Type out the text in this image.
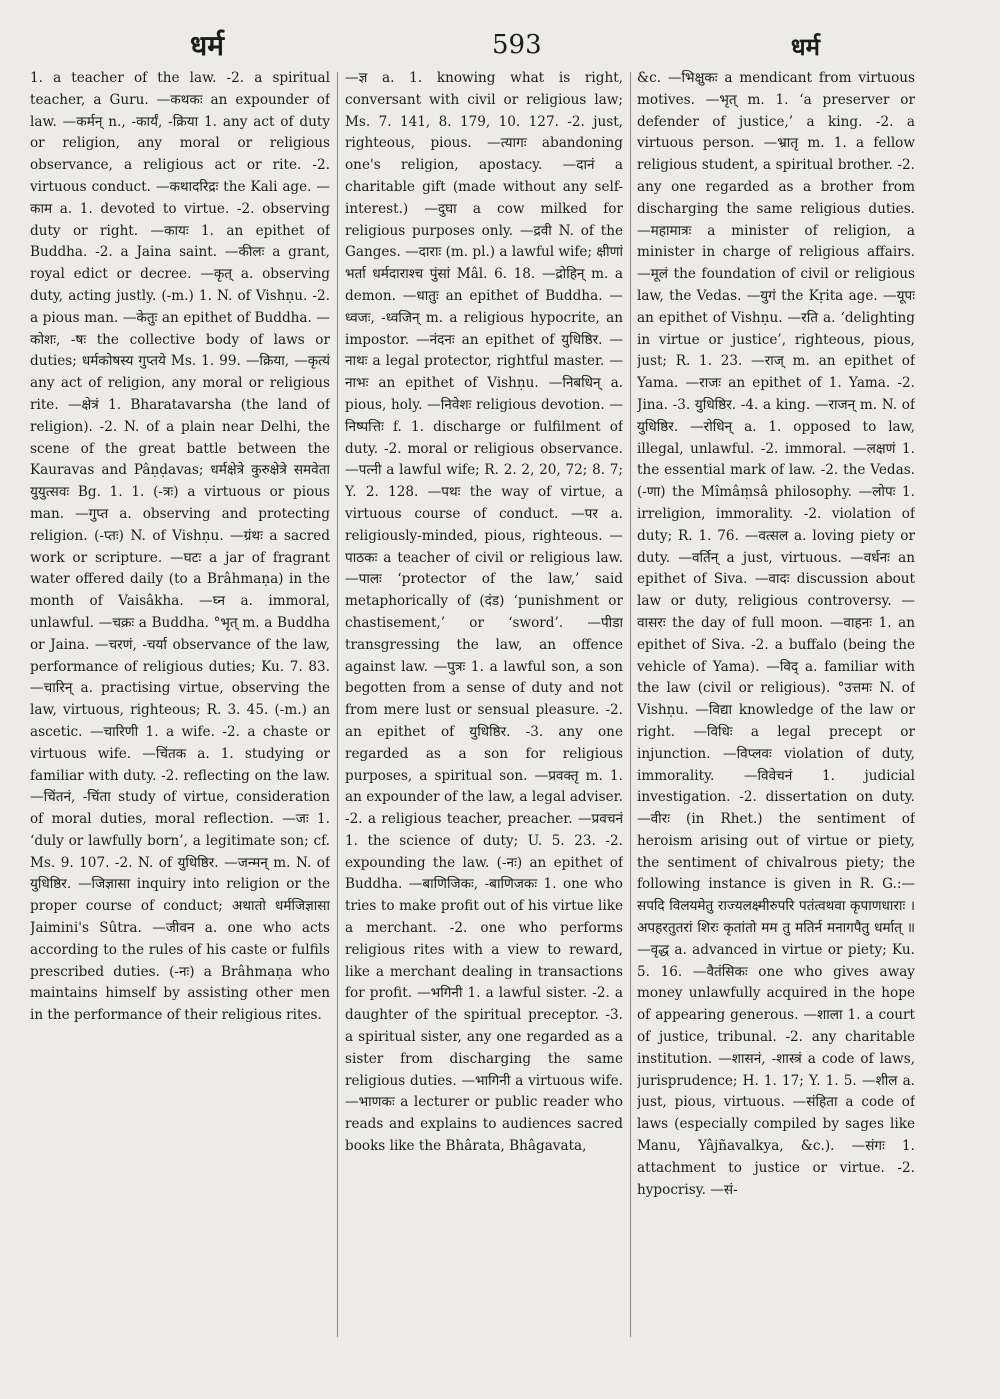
धर्म	593	धर्म
1. a teacher of the law. -2. a spiritual teacher, a Guru. —कथकः an expounder of law. —कर्मन् n., -कार्यं, -क्रिया 1. any act of duty or religion, any moral or religious observance, a religious act or rite. -2. virtuous conduct. —कथादरिद्रः the Kali age. —काम a. 1. devoted to virtue. -2. observing duty or right. —कायः 1. an epithet of Buddha. -2. a Jaina saint. —कीलः a grant, royal edict or decree. —कृत् a. observing duty, acting justly. (-m.) 1. N. of Vishṇu. -2. a pious man. —केतुः an epithet of Buddha. —कोशः, -षः the collective body of laws or duties; धर्मकोषस्य गुप्तये Ms. 1. 99. —क्रिया, —कृत्यं any act of religion, any moral or religious rite. —क्षेत्रं 1. Bharatavarsha (the land of religion). -2. N. of a plain near Delhi, the scene of the great battle between the Kauravas and Pâṇḍavas; धर्मक्षेत्रे कुरुक्षेत्रे समवेता युयुत्सवः Bg. 1. 1. (-त्रः) a virtuous or pious man. —गुप्त a. observing and protecting religion. (-प्तः) N. of Vishṇu. —ग्रंथः a sacred work or scripture. —घटः a jar of fragrant water offered daily (to a Brâhmaṇa) in the month of Vaisâkha. —घ्न a. immoral, unlawful. —चक्रः a Buddha. °भृत् m. a Buddha or Jaina. —चरणं, -चर्या observance of the law, performance of religious duties; Ku. 7. 83. —चारिन् a. practising virtue, observing the law, virtuous, righteous; R. 3. 45. (-m.) an ascetic. —चारिणी 1. a wife. -2. a chaste or virtuous wife. —चिंतक a. 1. studying or familiar with duty. -2. reflecting on the law. —चिंतनं, -चिंता study of virtue, consideration of moral duties, moral reflection. —जः 1. ‘duly or lawfully born’, a legitimate son; cf. Ms. 9. 107. -2. N. of युधिष्ठिर. —जन्मन् m. N. of युधिष्ठिर. —जिज्ञासा inquiry into religion or the proper course of conduct; अथातो धर्मजिज्ञासा Jaimini's Sûtra. —जीवन a. one who acts according to the rules of his caste or fulfils prescribed duties. (-नः) a Brâhmaṇa who maintains himself by assisting other men in the performance of their religious rites.
—ज्ञ a. 1. knowing what is right, conversant with civil or religious law; Ms. 7. 141, 8. 179, 10. 127. -2. just, righteous, pious. —त्यागः abandoning one's religion, apostacy. —दानं a charitable gift (made without any self-interest.) —दुघा a cow milked for religious purposes only. —द्रवी N. of the Ganges. —दाराः (m. pl.) a lawful wife; क्षीणां भर्ता धर्मदाराश्च पुंसां Mâl. 6. 18. —द्रोहिन् m. a demon. —धातुः an epithet of Buddha. —ध्वजः, -ध्वजिन् m. a religious hypocrite, an impostor. —नंदनः an epithet of युधिष्ठिर. —नाथः a legal protector, rightful master. —नाभः an epithet of Vishṇu. —निबधिन् a. pious, holy. —निवेशः religious devotion. —निष्पत्तिः f. 1. discharge or fulfilment of duty. -2. moral or religious observance. —पत्नी a lawful wife; R. 2. 2, 20, 72; 8. 7; Y. 2. 128. —पथः the way of virtue, a virtuous course of conduct. —पर a. religiously-minded, pious, righteous. —पाठकः a teacher of civil or religious law. —पालः ‘protector of the law,’ said metaphorically of (दंड) ‘punishment or chastisement,’ or ‘sword’. —पीडा transgressing the law, an offence against law. —पुत्रः 1. a lawful son, a son begotten from a sense of duty and not from mere lust or sensual pleasure. -2. an epithet of युधिष्ठिर. -3. any one regarded as a son for religious purposes, a spiritual son. —प्रवक्तृ m. 1. an expounder of the law, a legal adviser. -2. a religious teacher, preacher. —प्रवचनं 1. the science of duty; U. 5. 23. -2. expounding the law. (-नः) an epithet of Buddha. —बाणिजिकः, -बाणिजकः 1. one who tries to make profit out of his virtue like a merchant. -2. one who performs religious rites with a view to reward, like a merchant dealing in transactions for profit. —भगिनी 1. a lawful sister. -2. a daughter of the spiritual preceptor. -3. a spiritual sister, any one regarded as a sister from discharging the same religious duties. —भागिनी a virtuous wife. —भाणकः a lecturer or public reader who reads and explains to audiences sacred books like the Bhârata, Bhâgavata,
&c. —भिक्षुकः a mendicant from virtuous motives. —भृत् m. 1. ‘a preserver or defender of justice,’ a king. -2. a virtuous person. —भ्रातृ m. 1. a fellow religious student, a spiritual brother. -2. any one regarded as a brother from discharging the same religious duties. —महामात्रः a minister of religion, a minister in charge of religious affairs. —मूलं the foundation of civil or religious law, the Vedas. —युगं the Kṛita age. —यूपः an epithet of Vishṇu. —रति a. ‘delighting in virtue or justice’, righteous, pious, just; R. 1. 23. —राज् m. an epithet of Yama. —राजः an epithet of 1. Yama. -2. Jina. -3. युधिष्ठिर. -4. a king. —राजन् m. N. of युधिष्ठिर. —रोधिन् a. 1. opposed to law, illegal, unlawful. -2. immoral. —लक्षणं 1. the essential mark of law. -2. the Vedas. (-णा) the Mîmâṃsâ philosophy. —लोपः 1. irreligion, immorality. -2. violation of duty; R. 1. 76. —वत्सल a. loving piety or duty. —वर्तिन् a just, virtuous. —वर्धनः an epithet of Siva. —वादः discussion about law or duty, religious controversy. —वासरः the day of full moon. —वाहनः 1. an epithet of Siva. -2. a buffalo (being the vehicle of Yama). —विद् a. familiar with the law (civil or religious). °उत्तमः N. of Vishṇu. —विद्या knowledge of the law or right. —विधिः a legal precept or injunction. —विप्लवः violation of duty, immorality. —विवेचनं 1. judicial investigation. -2. dissertation on duty. —वीरः (in Rhet.) the sentiment of heroism arising out of virtue or piety, the sentiment of chivalrous piety; the following instance is given in R. G.:—सपदि विलयमेतु राज्यलक्ष्मीरुपरि पतंत्वथवा कृपाणधाराः । अपहरतुतरां शिरः कृतांतो मम तु मतिर्न मनागपैतु धर्मात् ॥ —वृद्ध a. advanced in virtue or piety; Ku. 5. 16. —वैतंसिकः one who gives away money unlawfully acquired in the hope of appearing generous. —शाला 1. a court of justice, tribunal. -2. any charitable institution. —शासनं, -शास्त्रं a code of laws, jurisprudence; H. 1. 17; Y. 1. 5. —शील a. just, pious, virtuous. —संहिता a code of laws (especially compiled by sages like Manu, Yâjñavalkya, &c.). —संगः 1. attachment to justice or virtue. -2. hypocrisy. —सं-
